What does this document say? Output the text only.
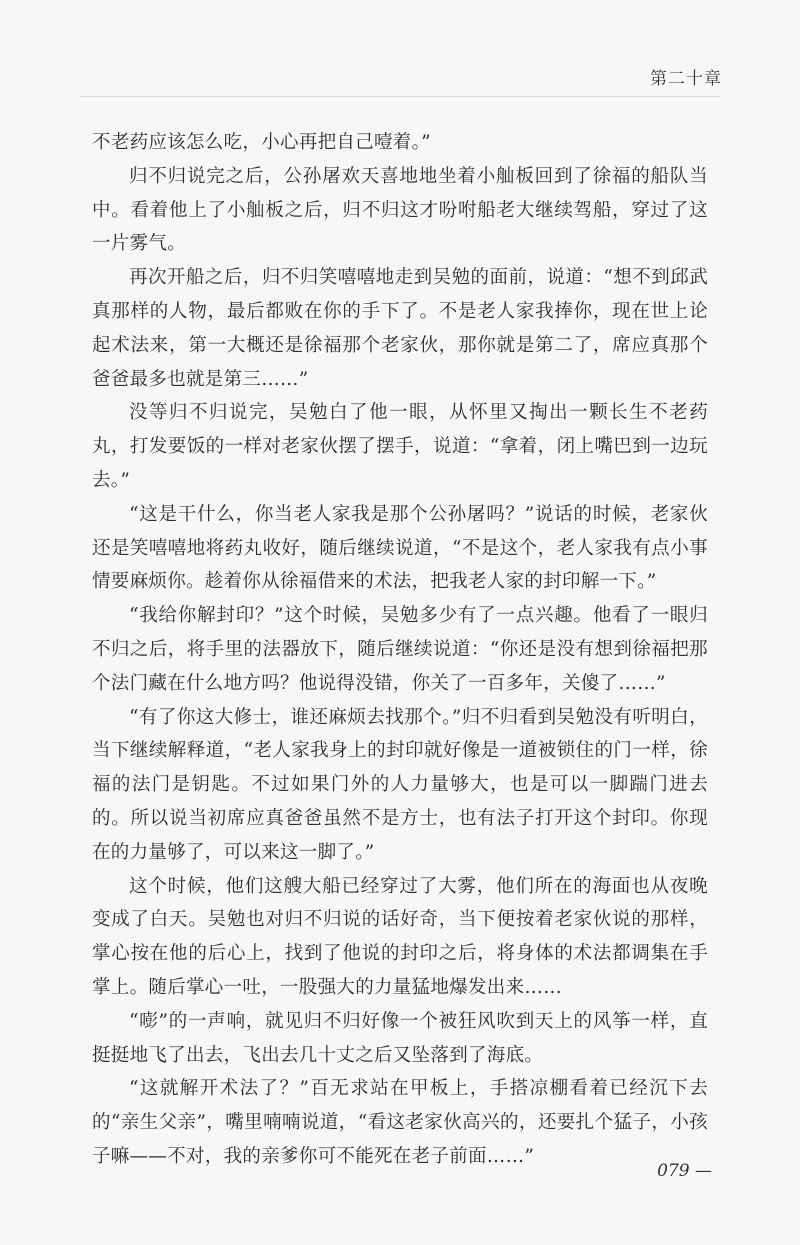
第二十章

不老药应该怎么吃，小心再把自己噎着。”

归不归说完之后，公孙屠欢天喜地地坐着小舢板回到了徐福的船队当中。看着他上了小舢板之后，归不归这才吩咐船老大继续驾船，穿过了这一片雾气。

再次开船之后，归不归笑嘻嘻地走到吴勉的面前，说道：“想不到邱武真那样的人物，最后都败在你的手下了。不是老人家我捧你，现在世上论起术法来，第一大概还是徐福那个老家伙，那你就是第二了，席应真那个爸爸最多也就是第三……”

没等归不归说完，吴勉白了他一眼，从怀里又掏出一颗长生不老药丸，打发要饭的一样对老家伙摆了摆手，说道：“拿着，闭上嘴巴到一边玩去。”

“这是干什么，你当老人家我是那个公孙屠吗？”说话的时候，老家伙还是笑嘻嘻地将药丸收好，随后继续说道，“不是这个，老人家我有点小事情要麻烦你。趁着你从徐福借来的术法，把我老人家的封印解一下。”

“我给你解封印？”这个时候，吴勉多少有了一点兴趣。他看了一眼归不归之后，将手里的法器放下，随后继续说道：“你还是没有想到徐福把那个法门藏在什么地方吗？他说得没错，你关了一百多年，关傻了……”

“有了你这大修士，谁还麻烦去找那个。”归不归看到吴勉没有听明白，当下继续解释道，“老人家我身上的封印就好像是一道被锁住的门一样，徐福的法门是钥匙。不过如果门外的人力量够大，也是可以一脚踹门进去的。所以说当初席应真爸爸虽然不是方士，也有法子打开这个封印。你现在的力量够了，可以来这一脚了。”

这个时候，他们这艘大船已经穿过了大雾，他们所在的海面也从夜晚变成了白天。吴勉也对归不归说的话好奇，当下便按着老家伙说的那样，掌心按在他的后心上，找到了他说的封印之后，将身体的术法都调集在手掌上。随后掌心一吐，一股强大的力量猛地爆发出来……

“嘭”的一声响，就见归不归好像一个被狂风吹到天上的风筝一样，直挺挺地飞了出去，飞出去几十丈之后又坠落到了海底。

“这就解开术法了？”百无求站在甲板上，手搭凉棚看着已经沉下去的“亲生父亲”，嘴里喃喃说道，“看这老家伙高兴的，还要扎个猛子，小孩子嘛——不对，我的亲爹你可不能死在老子前面……”

079 —
